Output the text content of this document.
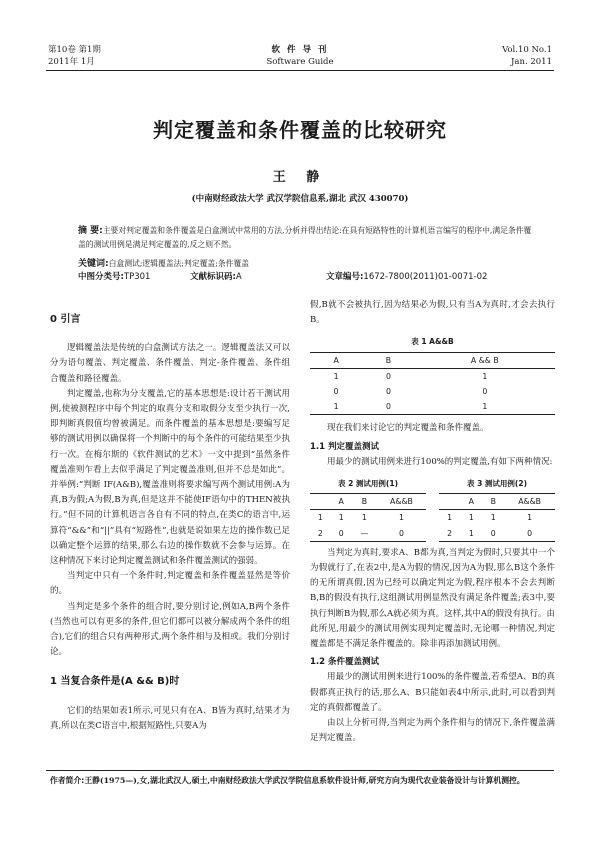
第10卷 第1期
2011年 1月
软 件 导 刊
Software Guide
Vol.10 No.1
Jan. 2011
判定覆盖和条件覆盖的比较研究
王 静
(中南财经政法大学 武汉学院信息系,湖北 武汉 430070)
摘 要:主要对判定覆盖和条件覆盖是白盒测试中常用的方法,分析并得出结论:在具有短路特性的计算机语言编写的程序中,满足条件覆盖的测试用例是满足判定覆盖的,反之则不然。
关键词:白盒测试;逻辑覆盖法;判定覆盖;条件覆盖
中图分类号:TP301	文献标识码:A	文章编号:1672-7800(2011)01-0071-02
0 引言

逻辑覆盖法是传统的白盒测试方法之一。逻辑覆盖法又可以分为语句覆盖、判定覆盖、条件覆盖、判定-条件覆盖、条件组合覆盖和路径覆盖。

判定覆盖,也称为分支覆盖,它的基本思想是:设计若干测试用例,使被测程序中每个判定的取真分支和取假分支至少执行一次,即判断真假值均曾被满足。而条件覆盖的基本思想是:要编写足够的测试用例以确保将一个判断中的每个条件的可能结果至少执行一次。在梅尔斯的《软件测试的艺术》一文中提到“虽然条件覆盖准则乍看上去似乎满足了判定覆盖准则,但并不总是如此”。并举例:“判断 IF(A&B),覆盖准则将要求编写两个测试用例:A为真,B为假;A为假,B为真,但是这并不能使IF语句中的THEN被执行。”但不同的计算机语言各自有不同的特点,在类C的语言中,运算符“&&”和“||”具有“短路性”,也就是说如果左边的操作数已足以确定整个运算的结果,那么右边的操作数就不会参与运算。在这种情况下来讨论判定覆盖测试和条件覆盖测试的强弱。

当判定中只有一个条件时,判定覆盖和条件覆盖显然是等价的。

当判定是多个条件的组合时,要分别讨论,例如A,B两个条件(当然也可以有更多的条件,但它们都可以被分解成两个条件的组合),它们的组合只有两种形式,两个条件相与及相或。我们分别讨论。

1 当复合条件是(A && B)时

它们的结果如表1所示,可见只有在A、B皆为真时,结果才为真,所以在类C语言中,根据短路性,只要A为

假,B就不会被执行,因为结果必为假,只有当A为真时,才会去执行B。

表 1 A&&B
A	B	A && B
1	0	1
0	0	0
1	0	1

现在我们来讨论它的判定覆盖和条件覆盖。

1.1 判定覆盖测试

用最少的测试用例来进行100%的判定覆盖,有如下两种情况:

表 2 测试用例(1)
	A	B	A&&B
1	1	1	1
2	0	—	0
表 3 测试用例(2)
	A	B	A&&B
1	1	1	1
2	1	0	0

当判定为真时,要求A、B都为真,当判定为假时,只要其中一个为假就行了,在表2中,是A为假的情况,因为A为假,那么B这个条件的无所谓真假,因为已经可以确定判定为假,程序根本不会去判断B,B的假没有执行,这组测试用例显然没有满足条件覆盖;表3中,要执行判断B为假,那么A就必须为真。这样,其中A的假没有执行。由此所见,用最少的测试用例实现判定覆盖时,无论哪一种情况,判定覆盖都是不满足条件覆盖的。除非再添加测试用例。

1.2 条件覆盖测试

用最少的测试用例来进行100%的条件覆盖,若希望A、B的真假都真正执行的话,那么A、B只能如表4中所示,此时,可以看到判定的真假都覆盖了。

由以上分析可得,当判定为两个条件相与的情况下,条件覆盖满足判定覆盖。

作者简介:王静(1975—),女,湖北武汉人,硕士,中南财经政法大学武汉学院信息系软件设计师,研究方向为现代农业装备设计与计算机测控。
